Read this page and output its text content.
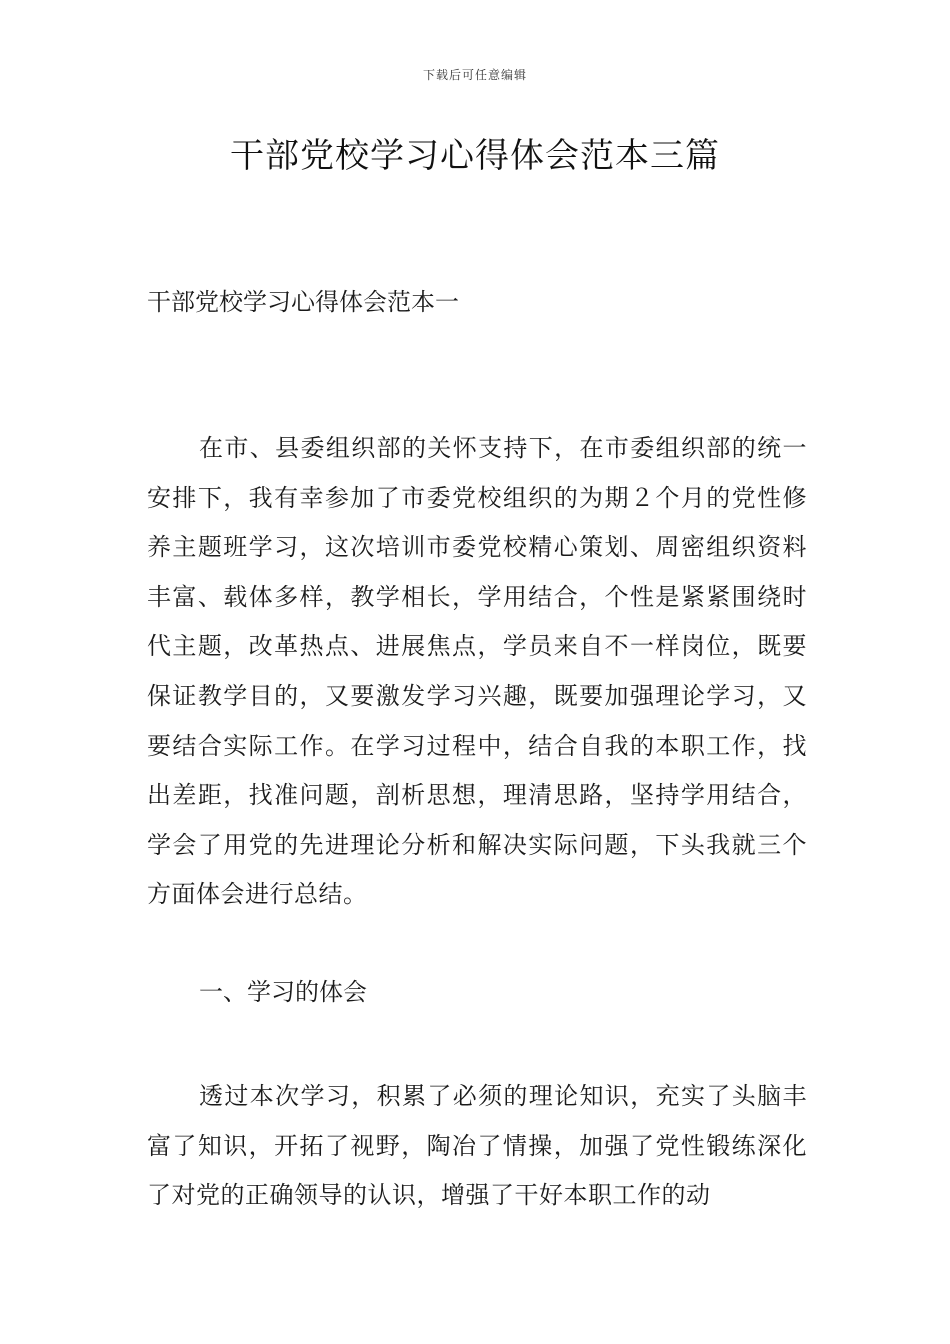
下载后可任意编辑
干部党校学习心得体会范本三篇
干部党校学习心得体会范本一

在市、县委组织部的关怀支持下，在市委组织部的统一安排下，我有幸参加了市委党校组织的为期２个月的党性修养主题班学习，这次培训市委党校精心策划、周密组织资料丰富、载体多样，教学相长，学用结合，个性是紧紧围绕时代主题，改革热点、进展焦点，学员来自不一样岗位，既要保证教学目的，又要激发学习兴趣，既要加强理论学习，又要结合实际工作。在学习过程中，结合自我的本职工作，找出差距，找准问题，剖析思想，理清思路，坚持学用结合，学会了用党的先进理论分析和解决实际问题，下头我就三个方面体会进行总结。

一、学习的体会

透过本次学习，积累了必须的理论知识，充实了头脑丰富了知识，开拓了视野，陶冶了情操，加强了党性锻练深化了对党的正确领导的认识，增强了干好本职工作的动
